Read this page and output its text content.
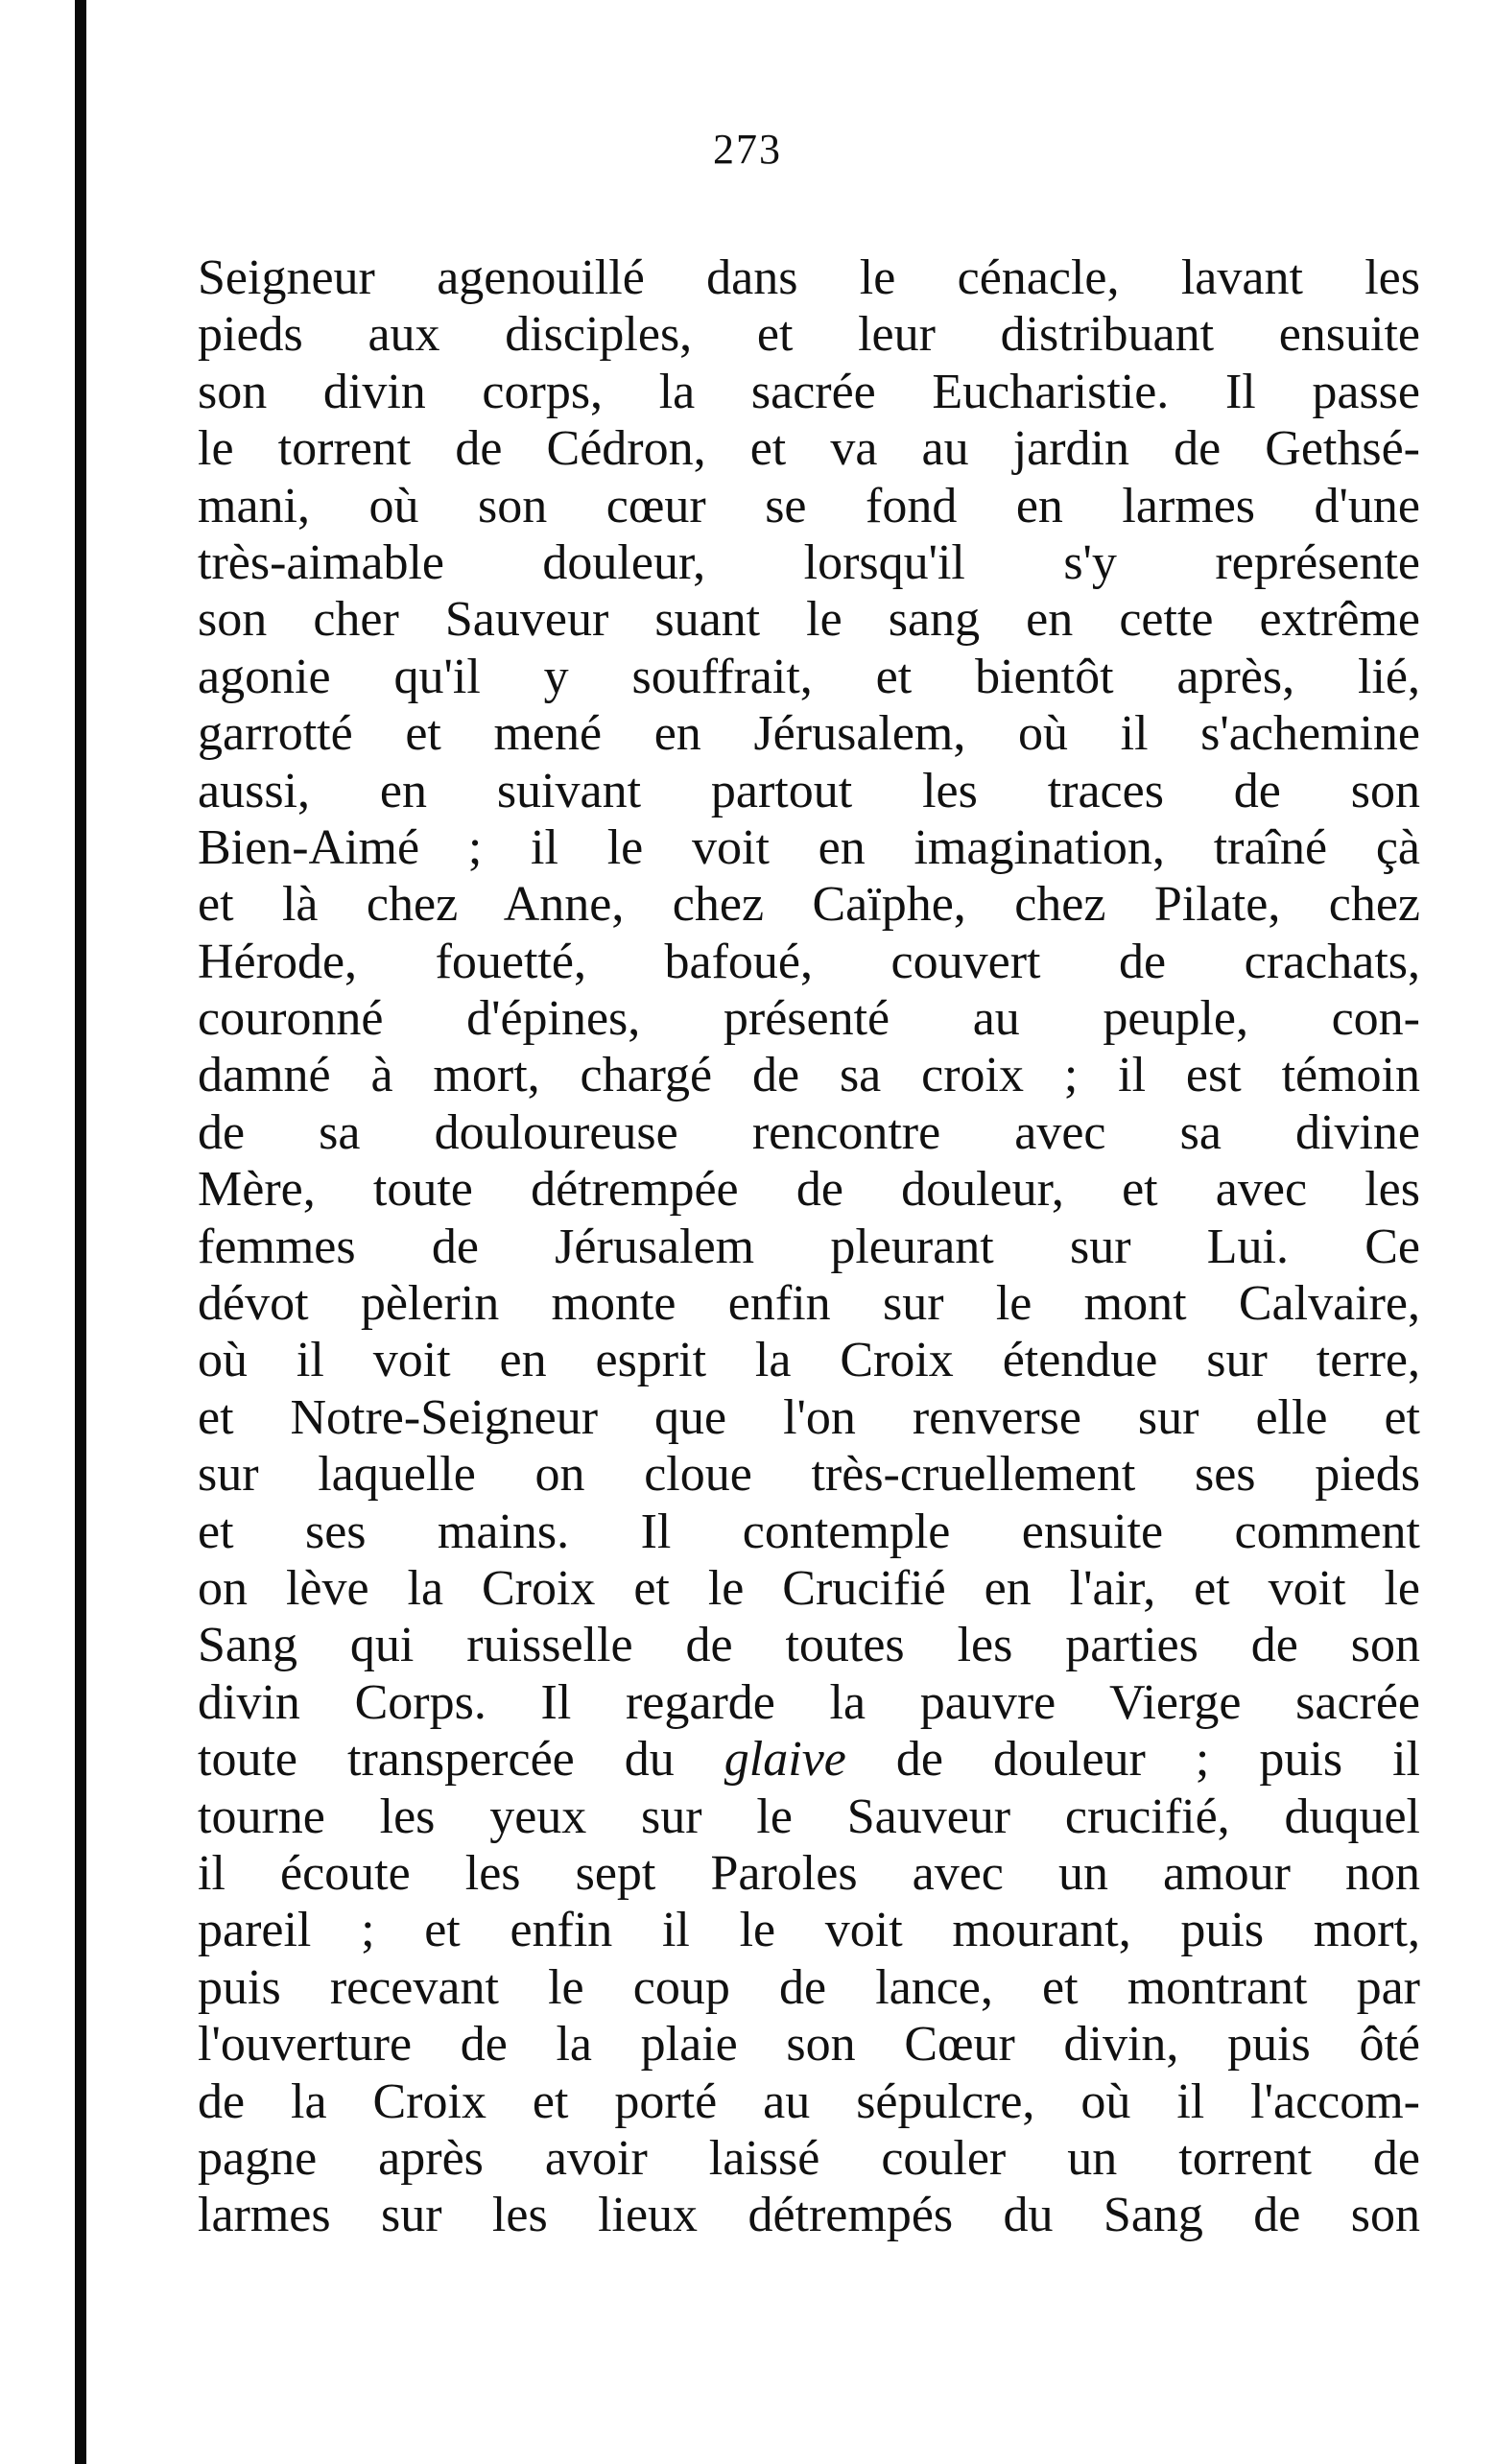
273
Seigneur agenouillé dans le cénacle, lavant les
pieds aux disciples, et leur distribuant ensuite
son divin corps, la sacrée Eucharistie. Il passe
le torrent de Cédron, et va au jardin de Gethsé-
mani, où son cœur se fond en larmes d'une
très-aimable douleur, lorsqu'il s'y représente
son cher Sauveur suant le sang en cette extrême
agonie qu'il y souffrait, et bientôt après, lié,
garrotté et mené en Jérusalem, où il s'achemine
aussi, en suivant partout les traces de son
Bien-Aimé ; il le voit en imagination, traîné çà
et là chez Anne, chez Caïphe, chez Pilate, chez
Hérode, fouetté, bafoué, couvert de crachats,
couronné d'épines, présenté au peuple, con-
damné à mort, chargé de sa croix ; il est témoin
de sa douloureuse rencontre avec sa divine
Mère, toute détrempée de douleur, et avec les
femmes de Jérusalem pleurant sur Lui. Ce
dévot pèlerin monte enfin sur le mont Calvaire,
où il voit en esprit la Croix étendue sur terre,
et Notre-Seigneur que l'on renverse sur elle et
sur laquelle on cloue très-cruellement ses pieds
et ses mains. Il contemple ensuite comment
on lève la Croix et le Crucifié en l'air, et voit le
Sang qui ruisselle de toutes les parties de son
divin Corps. Il regarde la pauvre Vierge sacrée
toute transpercée du glaive de douleur ; puis il
tourne les yeux sur le Sauveur crucifié, duquel
il écoute les sept Paroles avec un amour non
pareil ; et enfin il le voit mourant, puis mort,
puis recevant le coup de lance, et montrant par
l'ouverture de la plaie son Cœur divin, puis ôté
de la Croix et porté au sépulcre, où il l'accom-
pagne après avoir laissé couler un torrent de
larmes sur les lieux détrempés du Sang de son
